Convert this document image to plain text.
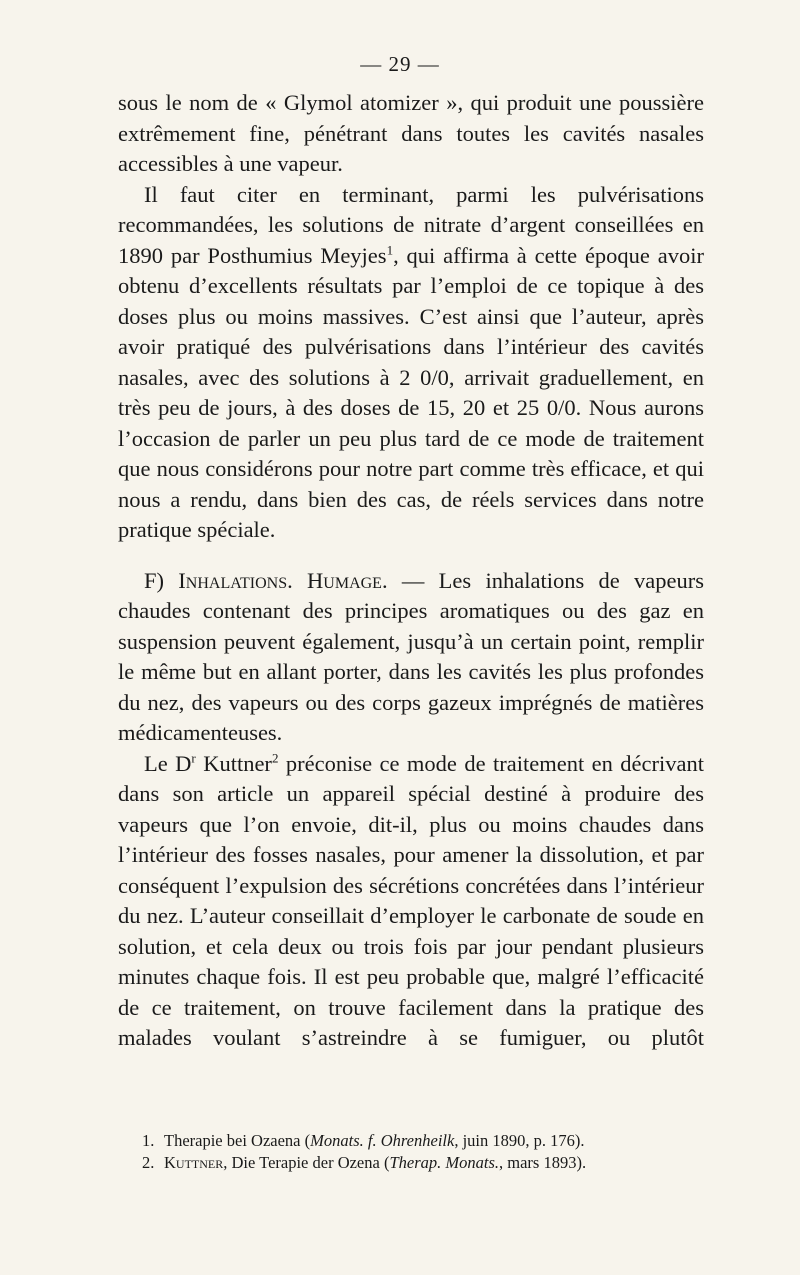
— 29 —

sous le nom de « Glymol atomizer », qui produit une poussière extrêmement fine, pénétrant dans toutes les cavités nasales accessibles à une vapeur.

Il faut citer en terminant, parmi les pulvérisations recommandées, les solutions de nitrate d’argent conseillées en 1890 par Posthumius Meyjes$^1$, qui affirma à cette époque avoir obtenu d’excellents résultats par l’emploi de ce topique à des doses plus ou moins massives. C’est ainsi que l’auteur, après avoir pratiqué des pulvérisations dans l’intérieur des cavités nasales, avec des solutions à 2 0/0, arrivait graduellement, en très peu de jours, à des doses de 15, 20 et 25 0/0. Nous aurons l’occasion de parler un peu plus tard de ce mode de traitement que nous considérons pour notre part comme très efficace, et qui nous a rendu, dans bien des cas, de réels services dans notre pratique spéciale.

F) Inhalations. Humage. — Les inhalations de vapeurs chaudes contenant des principes aromatiques ou des gaz en suspension peuvent également, jusqu’à un certain point, remplir le même but en allant porter, dans les cavités les plus profondes du nez, des vapeurs ou des corps gazeux imprégnés de matières médicamenteuses.

Le $D^r$ Kuttner$^2$ préconise ce mode de traitement en décrivant dans son article un appareil spécial destiné à produire des vapeurs que l’on envoie, dit-il, plus ou moins chaudes dans l’intérieur des fosses nasales, pour amener la dissolution, et par conséquent l’expulsion des sécrétions concrétées dans l’intérieur du nez. L’auteur conseillait d’employer le carbonate de soude en solution, et cela deux ou trois fois par jour pendant plusieurs minutes chaque fois. Il est peu probable que, malgré l’efficacité de ce traitement, on trouve facilement dans la pratique des malades voulant s’astreindre à se fumiguer, ou plutôt

1. Therapie bei Ozaena (Monats. f. Ohrenheilk, juin 1890, p. 176).
2. Kuttner, Die Terapie der Ozena (Therap. Monats., mars 1893).
